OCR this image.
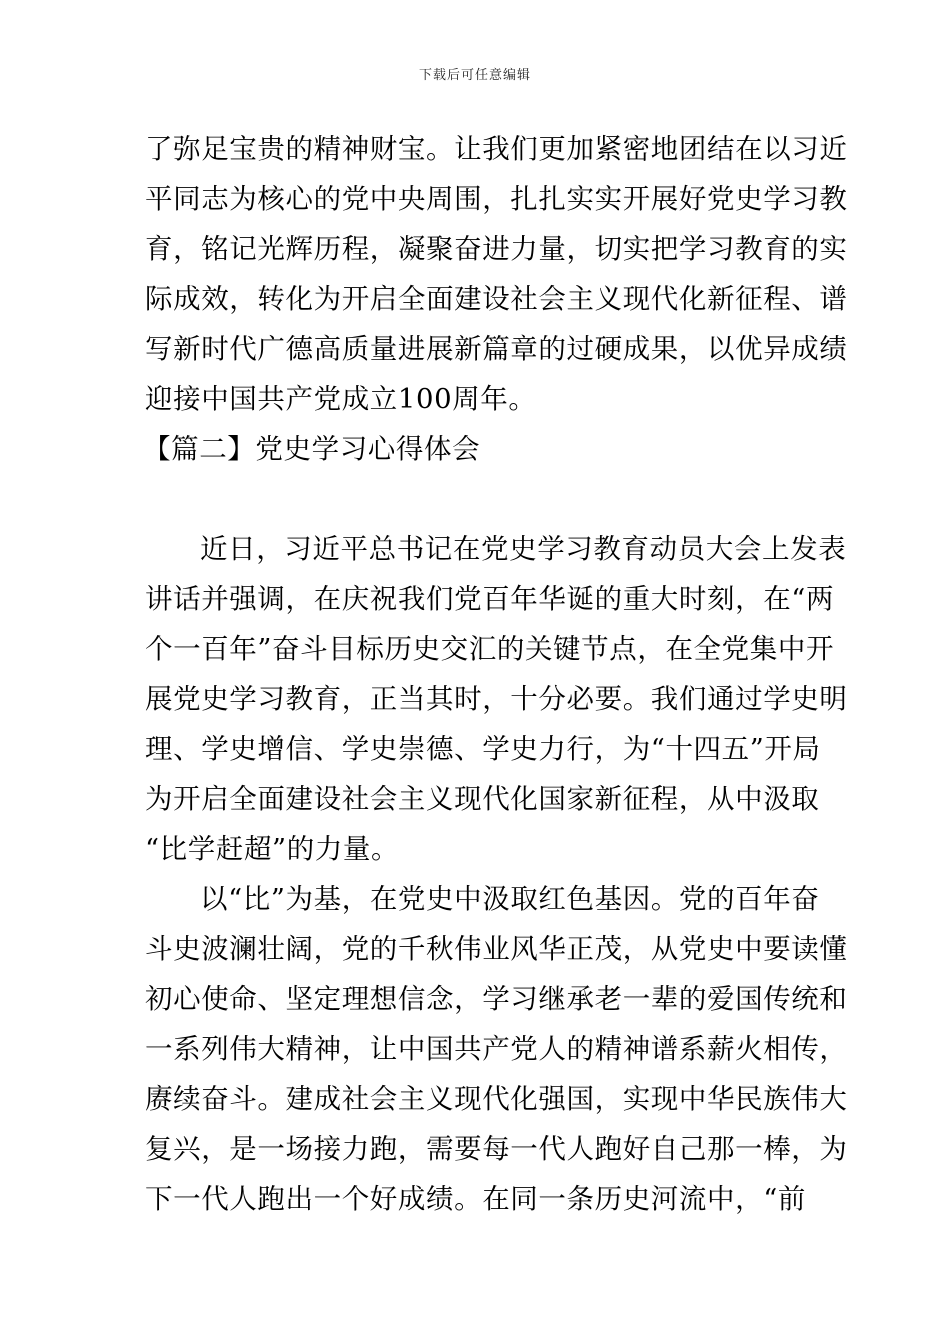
下载后可任意编辑
了弥足宝贵的精神财宝。让我们更加紧密地团结在以习近
平同志为核心的党中央周围，扎扎实实开展好党史学习教
育，铭记光辉历程，凝聚奋进力量，切实把学习教育的实
际成效，转化为开启全面建设社会主义现代化新征程、谱
写新时代广德高质量进展新篇章的过硬成果，以优异成绩
迎接中国共产党成立100周年。
【篇二】党史学习心得体会
近日，习近平总书记在党史学习教育动员大会上发表
讲话并强调，在庆祝我们党百年华诞的重大时刻，在“两
个一百年”奋斗目标历史交汇的关键节点，在全党集中开
展党史学习教育，正当其时，十分必要。我们通过学史明
理、学史增信、学史崇德、学史力行，为“十四五”开局
为开启全面建设社会主义现代化国家新征程，从中汲取
“比学赶超”的力量。
以“比”为基，在党史中汲取红色基因。党的百年奋
斗史波澜壮阔，党的千秋伟业风华正茂，从党史中要读懂
初心使命、坚定理想信念，学习继承老一辈的爱国传统和
一系列伟大精神，让中国共产党人的精神谱系薪火相传，
赓续奋斗。建成社会主义现代化强国，实现中华民族伟大
复兴，是一场接力跑，需要每一代人跑好自己那一棒，为
下一代人跑出一个好成绩。在同一条历史河流中，“前
